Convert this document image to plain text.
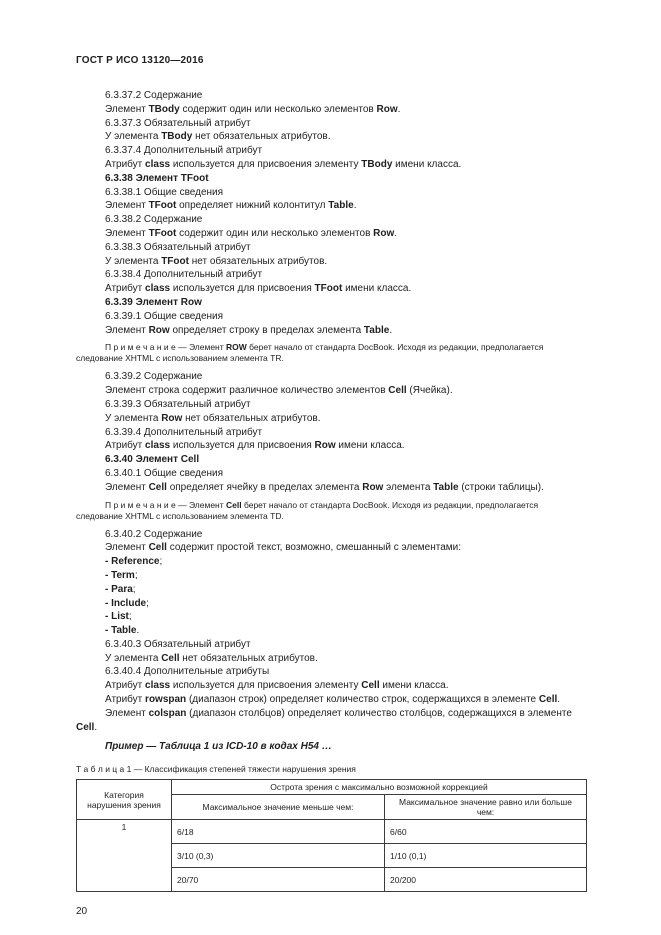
ГОСТ Р ИСО 13120—2016

6.3.37.2 Содержание

Элемент TBody содержит один или несколько элементов Row.

6.3.37.3 Обязательный атрибут

У элемента TBody нет обязательных атрибутов.

6.3.37.4 Дополнительный атрибут

Атрибут class используется для присвоения элементу TBody имени класса.

6.3.38 Элемент TFoot

6.3.38.1 Общие сведения

Элемент TFoot определяет нижний колонтитул Table.

6.3.38.2 Содержание

Элемент TFoot содержит один или несколько элементов Row.

6.3.38.3 Обязательный атрибут

У элемента TFoot нет обязательных атрибутов.

6.3.38.4 Дополнительный атрибут

Атрибут class используется для присвоения TFoot имени класса.

6.3.39 Элемент Row

6.3.39.1 Общие сведения

Элемент Row определяет строку в пределах элемента Table.

П р и м е ч а н и е — Элемент ROW берет начало от стандарта DocBook. Исходя из редакции, предполагается следование XHTML с использованием элемента TR.

6.3.39.2 Содержание

Элемент строка содержит различное количество элементов Cell (Ячейка).

6.3.39.3 Обязательный атрибут

У элемента Row нет обязательных атрибутов.

6.3.39.4 Дополнительный атрибут

Атрибут class используется для присвоения Row имени класса.

6.3.40 Элемент Cell

6.3.40.1 Общие сведения

Элемент Cell определяет ячейку в пределах элемента Row элемента Table (строки таблицы).

П р и м е ч а н и е — Элемент Cell берет начало от стандарта DocBook. Исходя из редакции, предполагается следование XHTML с использованием элемента TD.

6.3.40.2 Содержание

Элемент Cell содержит простой текст, возможно, смешанный с элементами:

- Reference;

- Term;

- Para;

- Include;

- List;

- Table.

6.3.40.3 Обязательный атрибут

У элемента Cell нет обязательных атрибутов.

6.3.40.4 Дополнительные атрибуты

Атрибут class используется для присвоения элементу Cell имени класса.

Атрибут rowspan (диапазон строк) определяет количество строк, содержащихся в элементе Cell.

Элемент colspan (диапазон столбцов) определяет количество столбцов, содержащихся в элементе Cell.

Пример — Таблица 1 из ICD-10 в кодах Н54 …

Т а б л и ц а 1 — Классификация степеней тяжести нарушения зрения
Категория нарушения зрения	Острота зрения с максимально возможной коррекцией	
	Максимальное значение меньше чем:	Максимальное значение равно или больше чем:
1	6/18	6/60
	3/10 (0,3)	1/10 (0,1)
	20/70	20/200
20
